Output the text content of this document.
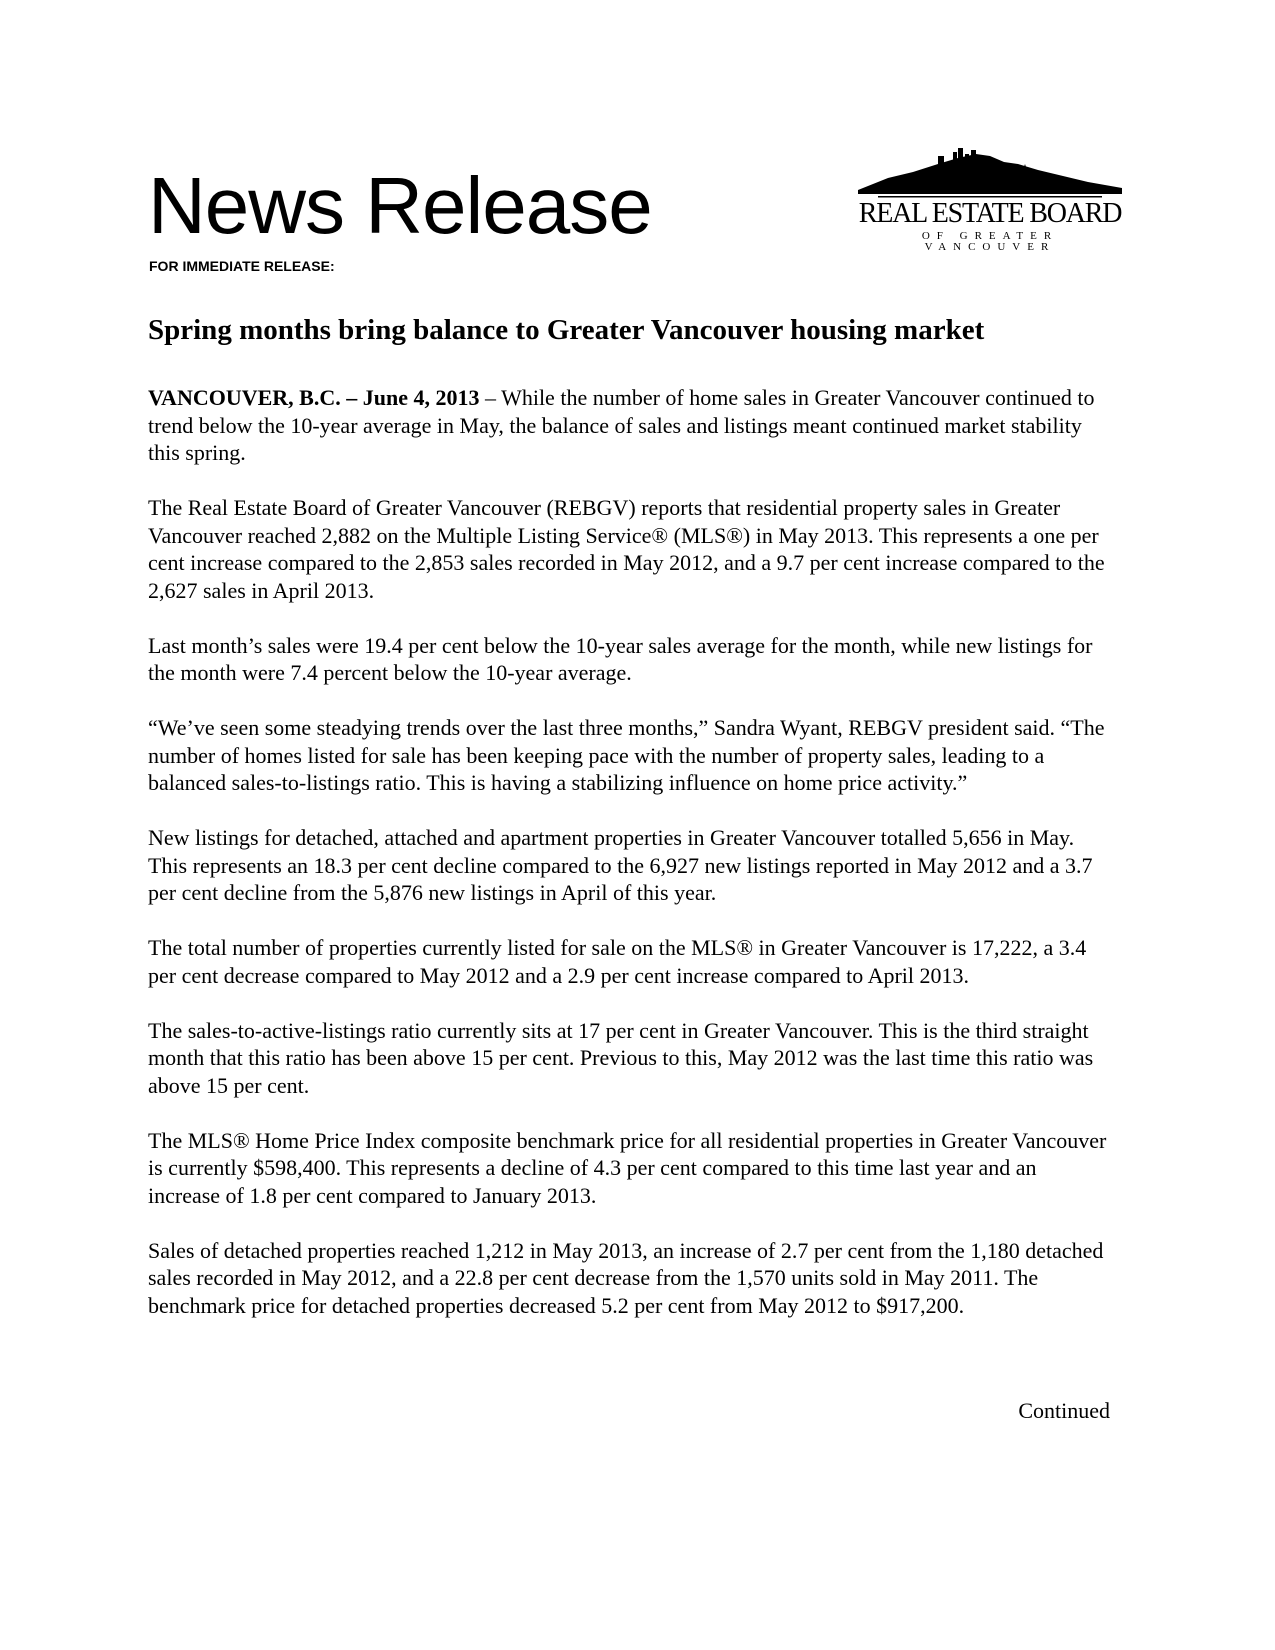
News Release
FOR IMMEDIATE RELEASE:
REAL ESTATE BOARD
OF GREATER VANCOUVER
Spring months bring balance to Greater Vancouver housing market

VANCOUVER, B.C. – June 4, 2013 – While the number of home sales in Greater Vancouver continued to trend below the 10-year average in May, the balance of sales and listings meant continued market stability this spring.

The Real Estate Board of Greater Vancouver (REBGV) reports that residential property sales in Greater Vancouver reached 2,882 on the Multiple Listing Service® (MLS®) in May 2013. This represents a one per cent increase compared to the 2,853 sales recorded in May 2012, and a 9.7 per cent increase compared to the 2,627 sales in April 2013.

Last month’s sales were 19.4 per cent below the 10-year sales average for the month, while new listings for the month were 7.4 percent below the 10-year average.

“We’ve seen some steadying trends over the last three months,” Sandra Wyant, REBGV president said. “The number of homes listed for sale has been keeping pace with the number of property sales, leading to a balanced sales-to-listings ratio. This is having a stabilizing influence on home price activity.”

New listings for detached, attached and apartment properties in Greater Vancouver totalled 5,656 in May. This represents an 18.3 per cent decline compared to the 6,927 new listings reported in May 2012 and a 3.7 per cent decline from the 5,876 new listings in April of this year.

The total number of properties currently listed for sale on the MLS® in Greater Vancouver is 17,222, a 3.4 per cent decrease compared to May 2012 and a 2.9 per cent increase compared to April 2013.

The sales-to-active-listings ratio currently sits at 17 per cent in Greater Vancouver. This is the third straight month that this ratio has been above 15 per cent. Previous to this, May 2012 was the last time this ratio was above 15 per cent.

The MLS® Home Price Index composite benchmark price for all residential properties in Greater Vancouver is currently $598,400. This represents a decline of 4.3 per cent compared to this time last year and an increase of 1.8 per cent compared to January 2013.

Sales of detached properties reached 1,212 in May 2013, an increase of 2.7 per cent from the 1,180 detached sales recorded in May 2012, and a 22.8 per cent decrease from the 1,570 units sold in May 2011. The benchmark price for detached properties decreased 5.2 per cent from May 2012 to $917,200.

Continued
